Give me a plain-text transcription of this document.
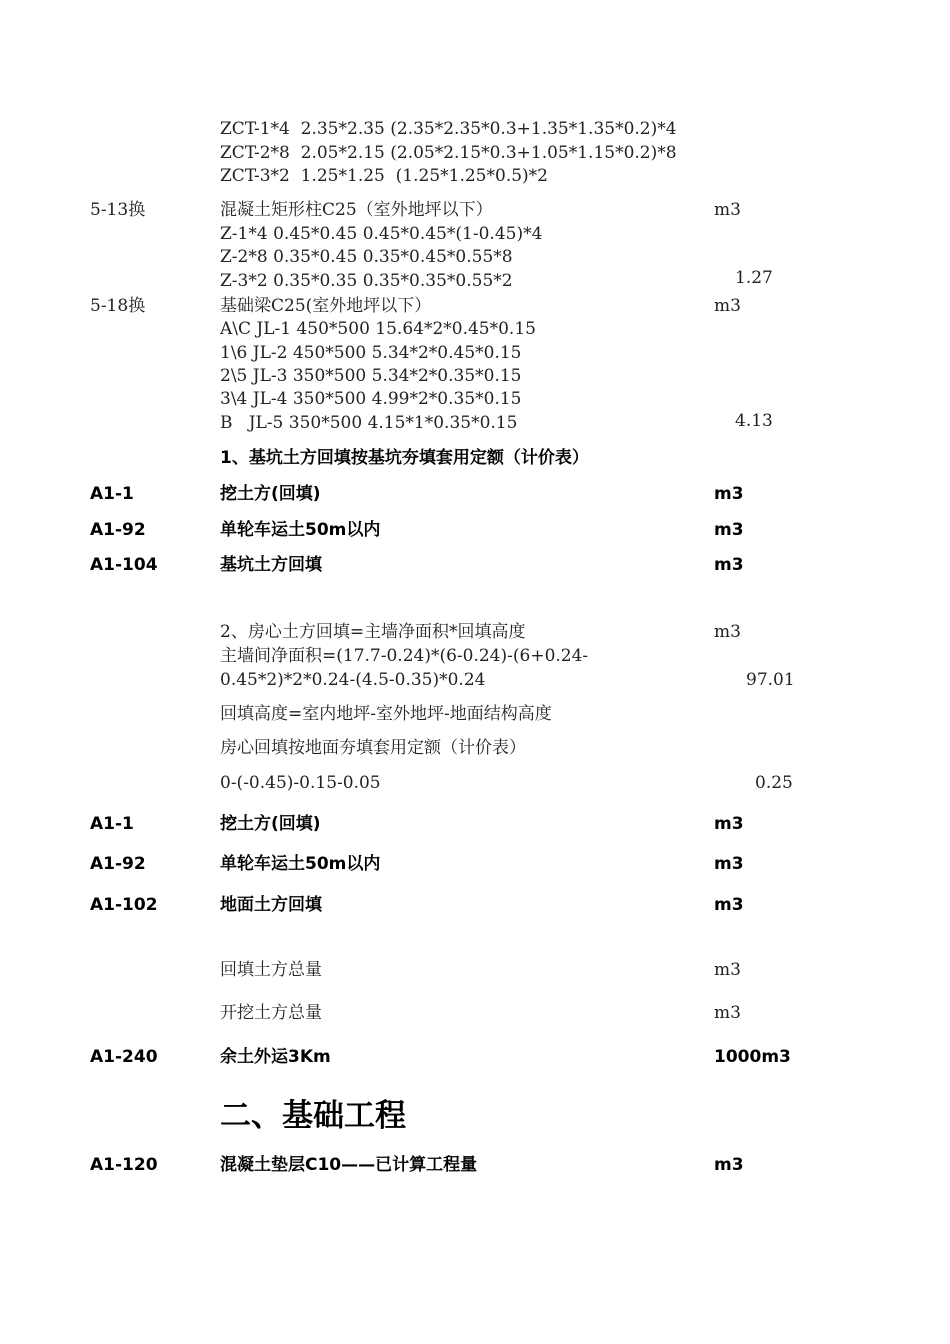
ZCT-1*4  2.35*2.35 (2.35*2.35*0.3+1.35*1.35*0.2)*4
ZCT-2*8  2.05*2.15 (2.05*2.15*0.3+1.05*1.15*0.2)*8
ZCT-3*2  1.25*1.25  (1.25*1.25*0.5)*2
5-13换	混凝土矩形柱C25（室外地坪以下）	m3
Z-1*4 0.45*0.45 0.45*0.45*(1-0.45)*4
Z-2*8 0.35*0.45 0.35*0.45*0.55*8
Z-3*2 0.35*0.35 0.35*0.35*0.55*2	1.27
5-18换	基础梁C25(室外地坪以下）	m3
A\C JL-1 450*500 15.64*2*0.45*0.15
1\6 JL-2 450*500 5.34*2*0.45*0.15
2\5 JL-3 350*500 5.34*2*0.35*0.15
3\4 JL-4 350*500 4.99*2*0.35*0.15
B   JL-5 350*500 4.15*1*0.35*0.15	4.13
1、基坑土方回填按基坑夯填套用定额（计价表）
A1-1	挖土方(回填)	m3
A1-92	单轮车运土50m以内	m3
A1-104	基坑土方回填	m3
2、房心土方回填=主墙净面积*回填高度	m3
主墙间净面积=(17.7-0.24)*(6-0.24)-(6+0.24-
0.45*2)*2*0.24-(4.5-0.35)*0.24	97.01
回填高度=室内地坪-室外地坪-地面结构高度
房心回填按地面夯填套用定额（计价表）
0-(-0.45)-0.15-0.05	0.25
A1-1	挖土方(回填)	m3
A1-92	单轮车运土50m以内	m3
A1-102	地面土方回填	m3
回填土方总量	m3
开挖土方总量	m3
A1-240	余土外运3Km	1000m3
二、基础工程
A1-120	混凝土垫层C10——已计算工程量	m3
